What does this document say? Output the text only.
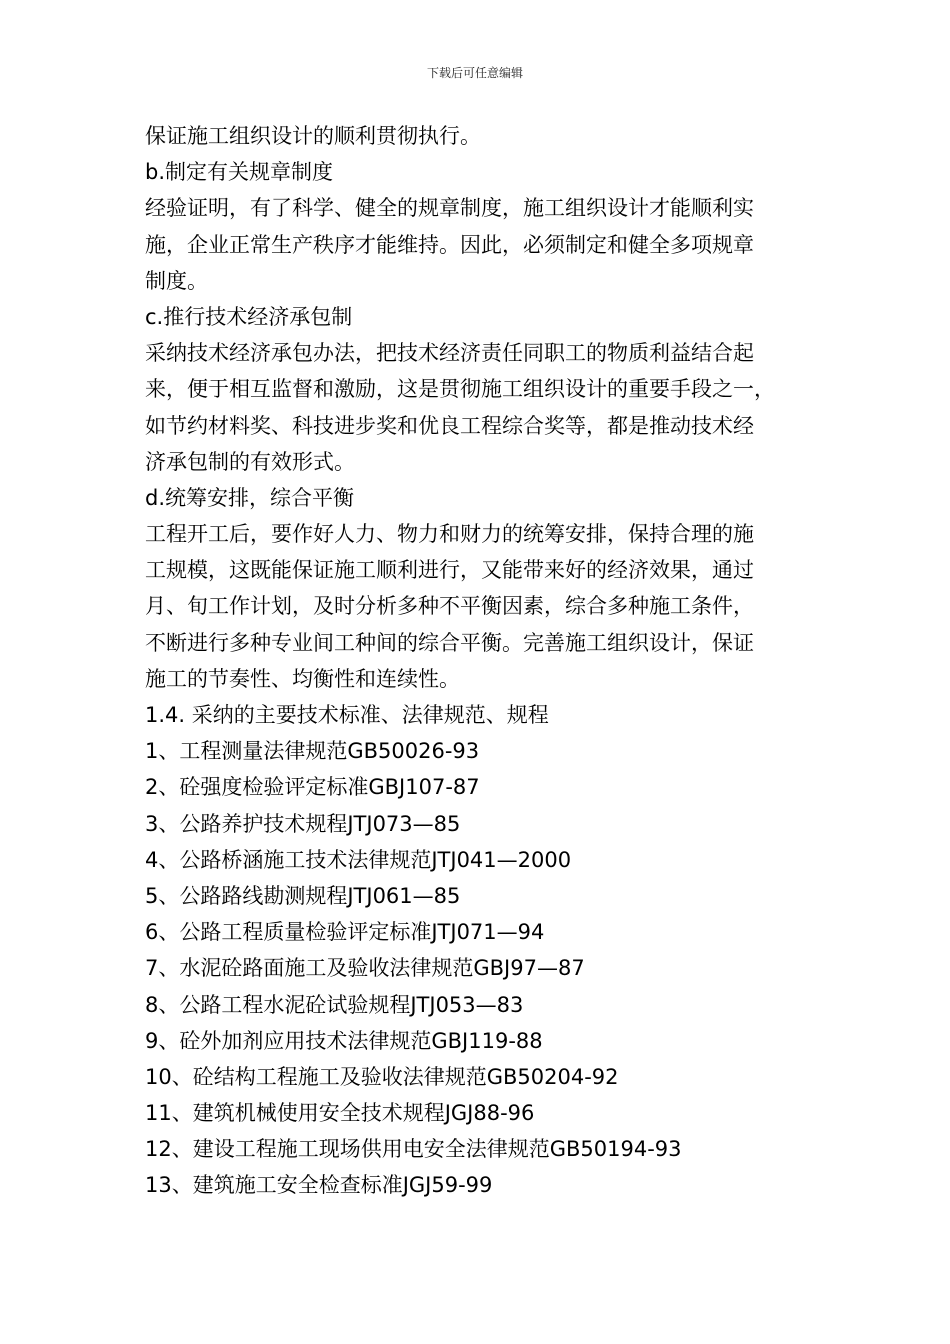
下载后可任意编辑
保证施工组织设计的顺利贯彻执行。
b.制定有关规章制度
经验证明，有了科学、健全的规章制度，施工组织设计才能顺利实
施，企业正常生产秩序才能维持。因此，必须制定和健全多项规章
制度。
c.推行技术经济承包制
采纳技术经济承包办法，把技术经济责任同职工的物质利益结合起
来，便于相互监督和激励，这是贯彻施工组织设计的重要手段之一，
如节约材料奖、科技进步奖和优良工程综合奖等，都是推动技术经
济承包制的有效形式。
d.统筹安排，综合平衡
工程开工后，要作好人力、物力和财力的统筹安排，保持合理的施
工规模，这既能保证施工顺利进行，又能带来好的经济效果，通过
月、旬工作计划，及时分析多种不平衡因素，综合多种施工条件，
不断进行多种专业间工种间的综合平衡。完善施工组织设计，保证
施工的节奏性、均衡性和连续性。
1.4. 采纳的主要技术标准、法律规范、规程
1、工程测量法律规范GB50026-93
2、砼强度检验评定标准GBJ107-87
3、公路养护技术规程JTJ073—85
4、公路桥涵施工技术法律规范JTJ041—2000
5、公路路线勘测规程JTJ061—85
6、公路工程质量检验评定标准JTJ071—94
7、水泥砼路面施工及验收法律规范GBJ97—87
8、公路工程水泥砼试验规程JTJ053—83
9、砼外加剂应用技术法律规范GBJ119-88
10、砼结构工程施工及验收法律规范GB50204-92
11、建筑机械使用安全技术规程JGJ88-96
12、建设工程施工现场供用电安全法律规范GB50194-93
13、建筑施工安全检查标准JGJ59-99
